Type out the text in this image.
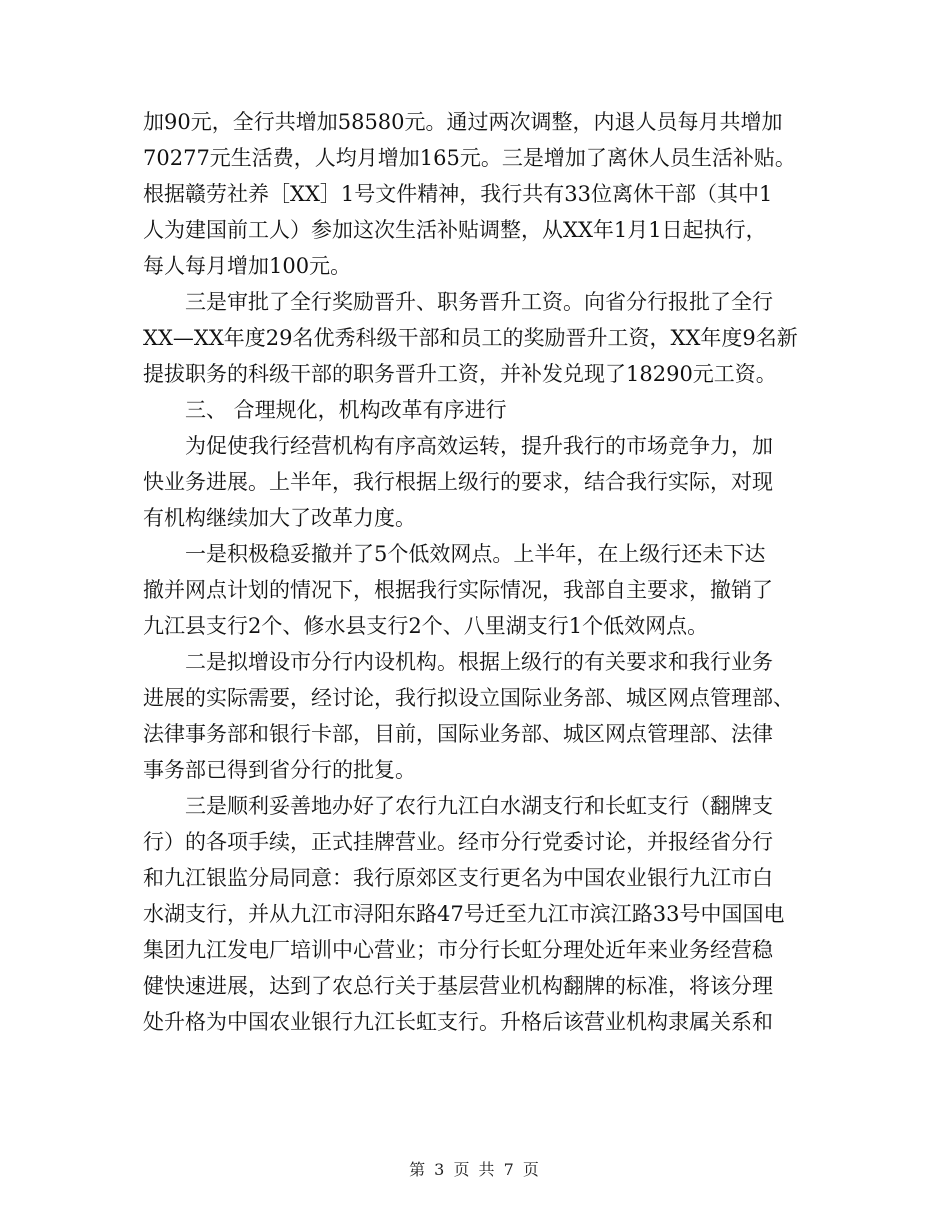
加90元，全行共增加58580元。通过两次调整，内退人员每月共增加
70277元生活费，人均月增加165元。三是增加了离休人员生活补贴。
根据赣劳社养［XX］1号文件精神，我行共有33位离休干部（其中1
人为建国前工人）参加这次生活补贴调整，从XX年1月1日起执行，
每人每月增加100元。
三是审批了全行奖励晋升、职务晋升工资。向省分行报批了全行
XX—XX年度29名优秀科级干部和员工的奖励晋升工资，XX年度9名新
提拔职务的科级干部的职务晋升工资，并补发兑现了18290元工资。
三、 合理规化，机构改革有序进行
为促使我行经营机构有序高效运转，提升我行的市场竞争力，加
快业务进展。上半年，我行根据上级行的要求，结合我行实际，对现
有机构继续加大了改革力度。
一是积极稳妥撤并了5个低效网点。上半年，在上级行还未下达
撤并网点计划的情况下，根据我行实际情况，我部自主要求，撤销了
九江县支行2个、修水县支行2个、八里湖支行1个低效网点。
二是拟增设市分行内设机构。根据上级行的有关要求和我行业务
进展的实际需要，经讨论，我行拟设立国际业务部、城区网点管理部、
法律事务部和银行卡部，目前，国际业务部、城区网点管理部、法律
事务部已得到省分行的批复。
三是顺利妥善地办好了农行九江白水湖支行和长虹支行（翻牌支
行）的各项手续，正式挂牌营业。经市分行党委讨论，并报经省分行
和九江银监分局同意：我行原郊区支行更名为中国农业银行九江市白
水湖支行，并从九江市浔阳东路47号迁至九江市滨江路33号中国国电
集团九江发电厂培训中心营业；市分行长虹分理处近年来业务经营稳
健快速进展，达到了农总行关于基层营业机构翻牌的标准，将该分理
处升格为中国农业银行九江长虹支行。升格后该营业机构隶属关系和
第 3 页 共 7 页
